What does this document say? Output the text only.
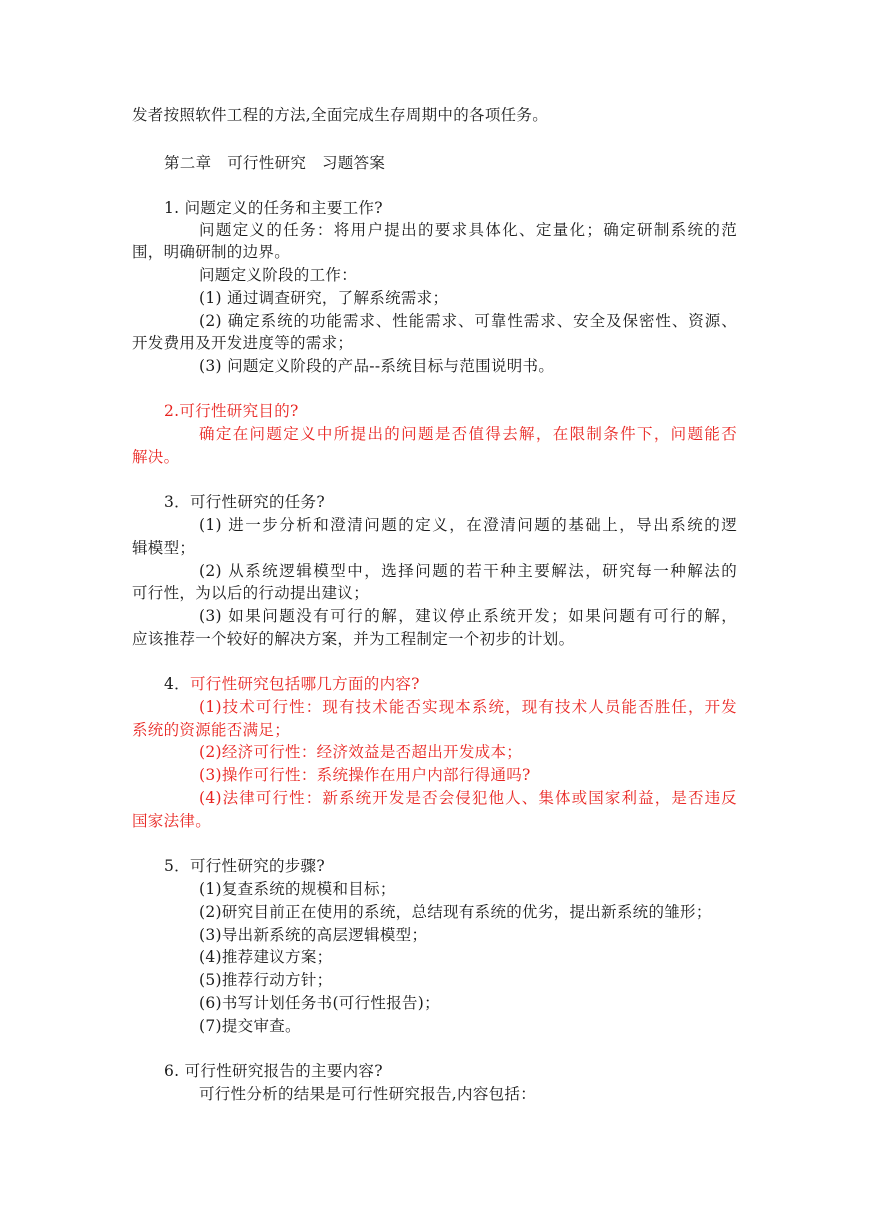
发者按照软件工程的方法,全面完成生存周期中的各项任务。
第二章　可行性研究　习题答案
1. 问题定义的任务和主要工作?
问题定义的任务：将用户提出的要求具体化、定量化；确定研制系统的范
围，明确研制的边界。
问题定义阶段的工作：
(1) 通过调查研究，了解系统需求；
(2) 确定系统的功能需求、性能需求、可靠性需求、安全及保密性、资源、
开发费用及开发进度等的需求；
(3) 问题定义阶段的产品--系统目标与范围说明书。
2.可行性研究目的?
确定在问题定义中所提出的问题是否值得去解，在限制条件下，问题能否
解决。
3．可行性研究的任务?
(1) 进一步分析和澄清问题的定义，在澄清问题的基础上，导出系统的逻
辑模型；
(2) 从系统逻辑模型中，选择问题的若干种主要解法，研究每一种解法的
可行性，为以后的行动提出建议；
(3) 如果问题没有可行的解，建议停止系统开发；如果问题有可行的解，
应该推荐一个较好的解决方案，并为工程制定一个初步的计划。
4．可行性研究包括哪几方面的内容?
(1)技术可行性：现有技术能否实现本系统，现有技术人员能否胜任，开发
系统的资源能否满足；
(2)经济可行性：经济效益是否超出开发成本；
(3)操作可行性：系统操作在用户内部行得通吗?
(4)法律可行性：新系统开发是否会侵犯他人、集体或国家利益，是否违反
国家法律。
5．可行性研究的步骤?
(1)复查系统的规模和目标；
(2)研究目前正在使用的系统，总结现有系统的优劣，提出新系统的雏形；
(3)导出新系统的高层逻辑模型；
(4)推荐建议方案；
(5)推荐行动方针；
(6)书写计划任务书(可行性报告)；
(7)提交审查。
6. 可行性研究报告的主要内容?
可行性分析的结果是可行性研究报告,内容包括：
